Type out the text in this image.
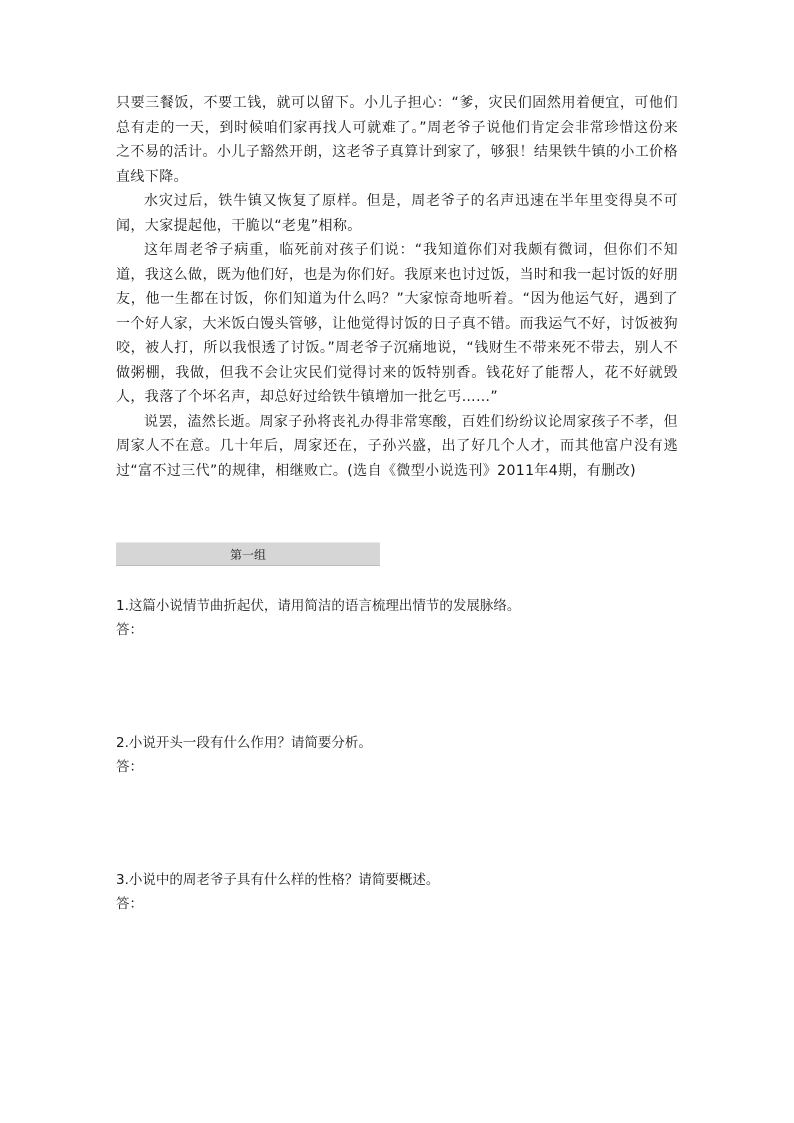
只要三餐饭，不要工钱，就可以留下。小儿子担心：“爹，灾民们固然用着便宜，可他们总有走的一天，到时候咱们家再找人可就难了。”周老爷子说他们肯定会非常珍惜这份来之不易的活计。小儿子豁然开朗，这老爷子真算计到家了，够狠！结果铁牛镇的小工价格直线下降。

水灾过后，铁牛镇又恢复了原样。但是，周老爷子的名声迅速在半年里变得臭不可闻，大家提起他，干脆以“老鬼”相称。

这年周老爷子病重，临死前对孩子们说：“我知道你们对我颇有微词，但你们不知道，我这么做，既为他们好，也是为你们好。我原来也讨过饭，当时和我一起讨饭的好朋友，他一生都在讨饭，你们知道为什么吗？”大家惊奇地听着。“因为他运气好，遇到了一个好人家，大米饭白馒头管够，让他觉得讨饭的日子真不错。而我运气不好，讨饭被狗咬，被人打，所以我恨透了讨饭。”周老爷子沉痛地说，“钱财生不带来死不带去，别人不做粥棚，我做，但我不会让灾民们觉得讨来的饭特别香。钱花好了能帮人，花不好就毁人，我落了个坏名声，却总好过给铁牛镇增加一批乞丐……”

说罢，溘然长逝。周家子孙将丧礼办得非常寒酸，百姓们纷纷议论周家孩子不孝，但周家人不在意。几十年后，周家还在，子孙兴盛，出了好几个人才，而其他富户没有逃过“富不过三代”的规律，相继败亡。(选自《微型小说选刊》2011年4期，有删改)

第一组

1.这篇小说情节曲折起伏，请用简洁的语言梳理出情节的发展脉络。

答：

2.小说开头一段有什么作用？请简要分析。

答：

3.小说中的周老爷子具有什么样的性格？请简要概述。

答：
